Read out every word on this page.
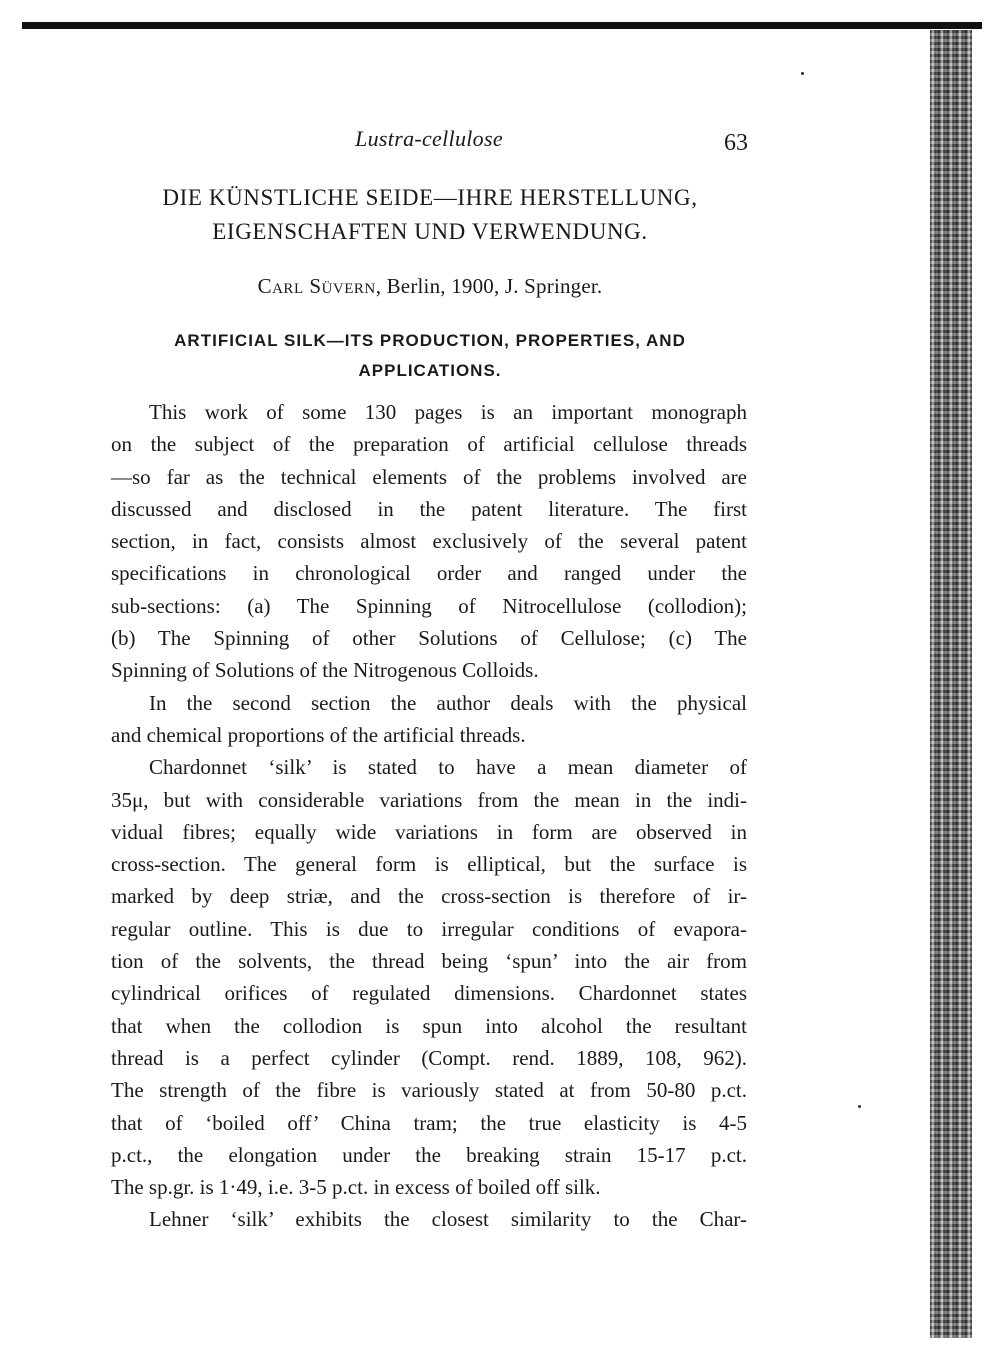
Lustra-cellulose	63
DIE KÜNSTLICHE SEIDE—IHRE HERSTELLUNG,
EIGENSCHAFTEN UND VERWENDUNG.
Carl Süvern, Berlin, 1900, J. Springer.
ARTIFICIAL SILK—ITS PRODUCTION, PROPERTIES, AND
APPLICATIONS.
This work of some 130 pages is an important monograph
on the subject of the preparation of artificial cellulose threads
—so far as the technical elements of the problems involved are
discussed and disclosed in the patent literature. The first
section, in fact, consists almost exclusively of the several patent
specifications in chronological order and ranged under the
sub-sections: (a) The Spinning of Nitrocellulose (collodion);
(b) The Spinning of other Solutions of Cellulose; (c) The
Spinning of Solutions of the Nitrogenous Colloids.
In the second section the author deals with the physical
and chemical proportions of the artificial threads.
Chardonnet ‘silk’ is stated to have a mean diameter of
35μ, but with considerable variations from the mean in the indi-
vidual fibres; equally wide variations in form are observed in
cross-section. The general form is elliptical, but the surface is
marked by deep striæ, and the cross-section is therefore of ir-
regular outline. This is due to irregular conditions of evapora-
tion of the solvents, the thread being ‘spun’ into the air from
cylindrical orifices of regulated dimensions. Chardonnet states
that when the collodion is spun into alcohol the resultant
thread is a perfect cylinder (Compt. rend. 1889, 108, 962).
The strength of the fibre is variously stated at from 50-80 p.ct.
that of ‘boiled off’ China tram; the true elasticity is 4-5
p.ct., the elongation under the breaking strain 15-17 p.ct.
The sp.gr. is 1·49, i.e. 3-5 p.ct. in excess of boiled off silk.
Lehner ‘silk’ exhibits the closest similarity to the Char-
